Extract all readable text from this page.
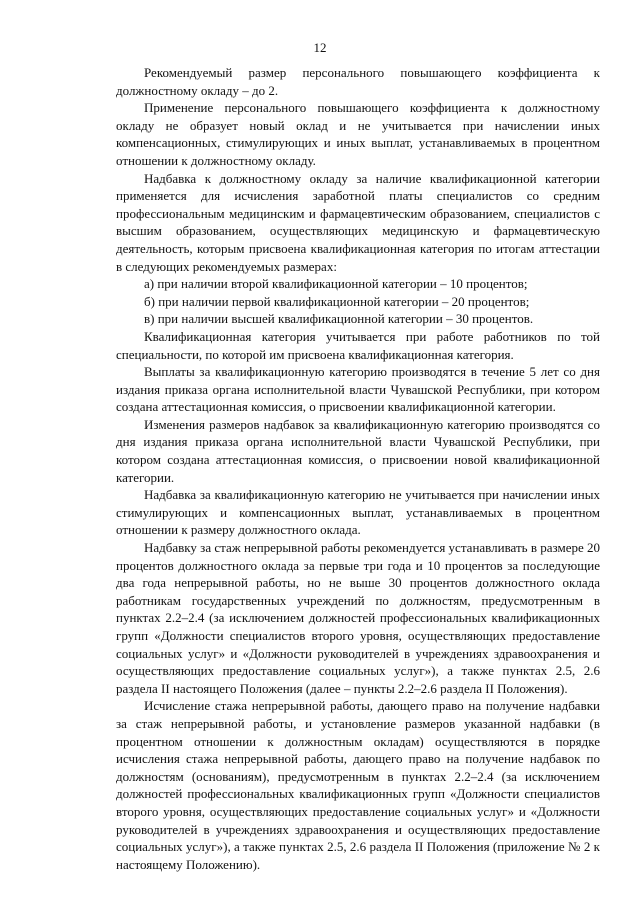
12

Рекомендуемый размер персонального повышающего коэффициента к должностному окладу – до 2.

Применение персонального повышающего коэффициента к должностному окладу не образует новый оклад и не учитывается при начислении иных компенсационных, стимулирующих и иных выплат, устанавливаемых в процентном отношении к должностному окладу.

Надбавка к должностному окладу за наличие квалификационной категории применяется для исчисления заработной платы специалистов со средним профессиональным медицинским и фармацевтическим образованием, специалистов с высшим образованием, осуществляющих медицинскую и фармацевтическую деятельность, которым присвоена квалификационная категория по итогам аттестации в следующих рекомендуемых размерах:

а) при наличии второй квалификационной категории – 10 процентов;

б) при наличии первой квалификационной категории – 20 процентов;

в) при наличии высшей квалификационной категории – 30 процентов.

Квалификационная категория учитывается при работе работников по той специальности, по которой им присвоена квалификационная категория.

Выплаты за квалификационную категорию производятся в течение 5 лет со дня издания приказа органа исполнительной власти Чувашской Республики, при котором создана аттестационная комиссия, о присвоении квалификационной категории.

Изменения размеров надбавок за квалификационную категорию производятся со дня издания приказа органа исполнительной власти Чувашской Республики, при котором создана аттестационная комиссия, о присвоении новой квалификационной категории.

Надбавка за квалификационную категорию не учитывается при начислении иных стимулирующих и компенсационных выплат, устанавливаемых в процентном отношении к размеру должностного оклада.

Надбавку за стаж непрерывной работы рекомендуется устанавливать в размере 20 процентов должностного оклада за первые три года и 10 процентов за последующие два года непрерывной работы, но не выше 30 процентов должностного оклада работникам государственных учреждений по должностям, предусмотренным в пунктах 2.2–2.4 (за исключением должностей профессиональных квалификационных групп «Должности специалистов второго уровня, осуществляющих предоставление социальных услуг» и «Должности руководителей в учреждениях здравоохранения и осуществляющих предоставление социальных услуг»), а также пунктах 2.5, 2.6 раздела II настоящего Положения (далее – пункты 2.2–2.6 раздела II Положения).

Исчисление стажа непрерывной работы, дающего право на получение надбавки за стаж непрерывной работы, и установление размеров указанной надбавки (в процентном отношении к должностным окладам) осуществляются в порядке исчисления стажа непрерывной работы, дающего право на получение надбавок по должностям (основаниям), предусмотренным в пунктах 2.2–2.4 (за исключением должностей профессиональных квалификационных групп «Должности специалистов второго уровня, осуществляющих предоставление социальных услуг» и «Должности руководителей в учреждениях здравоохранения и осуществляющих предоставление социальных услуг»), а также пунктах 2.5, 2.6 раздела II Положения (приложение № 2 к настоящему Положению).
